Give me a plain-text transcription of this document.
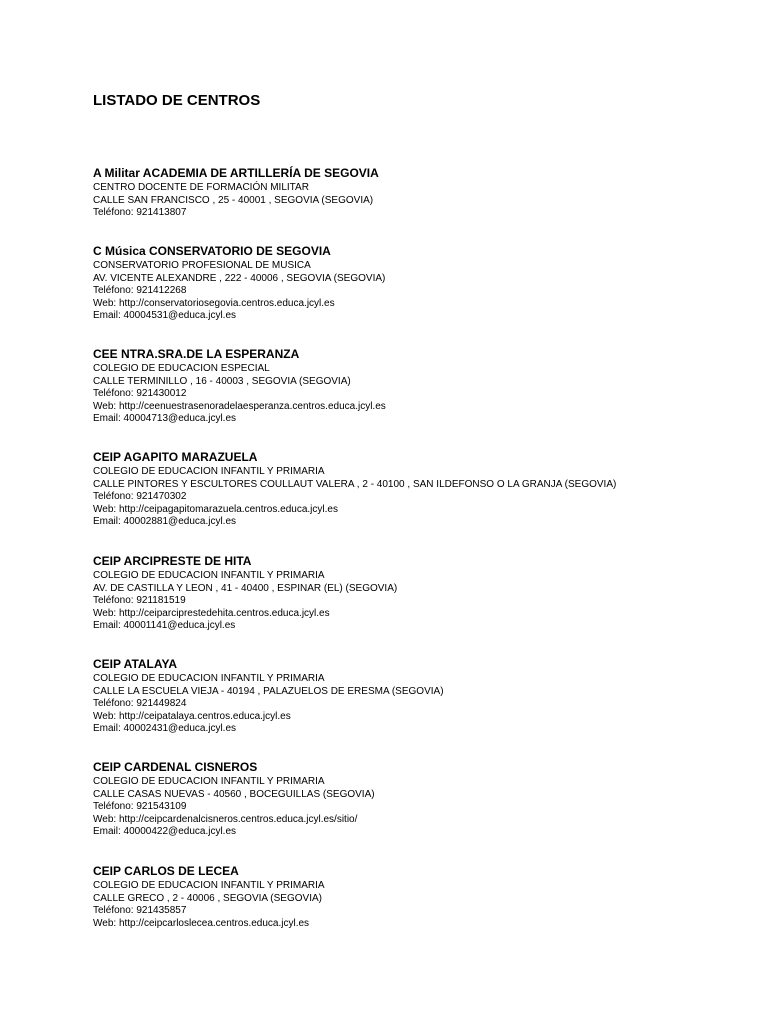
LISTADO DE CENTROS
A Militar ACADEMIA DE ARTILLERÍA DE SEGOVIA
CENTRO DOCENTE DE FORMACIÓN MILITAR
CALLE SAN FRANCISCO , 25 - 40001 , SEGOVIA (SEGOVIA)
Teléfono: 921413807
C Música CONSERVATORIO DE SEGOVIA
CONSERVATORIO PROFESIONAL DE MUSICA
AV. VICENTE ALEXANDRE , 222 - 40006 , SEGOVIA (SEGOVIA)
Teléfono: 921412268
Web: http://conservatoriosegovia.centros.educa.jcyl.es
Email: 40004531@educa.jcyl.es
CEE NTRA.SRA.DE LA ESPERANZA
COLEGIO DE EDUCACION ESPECIAL
CALLE TERMINILLO , 16 - 40003 , SEGOVIA (SEGOVIA)
Teléfono: 921430012
Web: http://ceenuestrasenoradelaesperanza.centros.educa.jcyl.es
Email: 40004713@educa.jcyl.es
CEIP AGAPITO MARAZUELA
COLEGIO DE EDUCACION INFANTIL Y PRIMARIA
CALLE PINTORES Y ESCULTORES COULLAUT VALERA , 2 - 40100 , SAN ILDEFONSO O LA GRANJA (SEGOVIA)
Teléfono: 921470302
Web: http://ceipagapitomarazuela.centros.educa.jcyl.es
Email: 40002881@educa.jcyl.es
CEIP ARCIPRESTE DE HITA
COLEGIO DE EDUCACION INFANTIL Y PRIMARIA
AV. DE CASTILLA Y LEON , 41 - 40400 , ESPINAR (EL) (SEGOVIA)
Teléfono: 921181519
Web: http://ceiparciprestedehita.centros.educa.jcyl.es
Email: 40001141@educa.jcyl.es
CEIP ATALAYA
COLEGIO DE EDUCACION INFANTIL Y PRIMARIA
CALLE LA ESCUELA VIEJA - 40194 , PALAZUELOS DE ERESMA (SEGOVIA)
Teléfono: 921449824
Web: http://ceipatalaya.centros.educa.jcyl.es
Email: 40002431@educa.jcyl.es
CEIP CARDENAL CISNEROS
COLEGIO DE EDUCACION INFANTIL Y PRIMARIA
CALLE CASAS NUEVAS - 40560 , BOCEGUILLAS (SEGOVIA)
Teléfono: 921543109
Web: http://ceipcardenalcisneros.centros.educa.jcyl.es/sitio/
Email: 40000422@educa.jcyl.es
CEIP CARLOS DE LECEA
COLEGIO DE EDUCACION INFANTIL Y PRIMARIA
CALLE GRECO , 2 - 40006 , SEGOVIA (SEGOVIA)
Teléfono: 921435857
Web: http://ceipcarloslecea.centros.educa.jcyl.es
